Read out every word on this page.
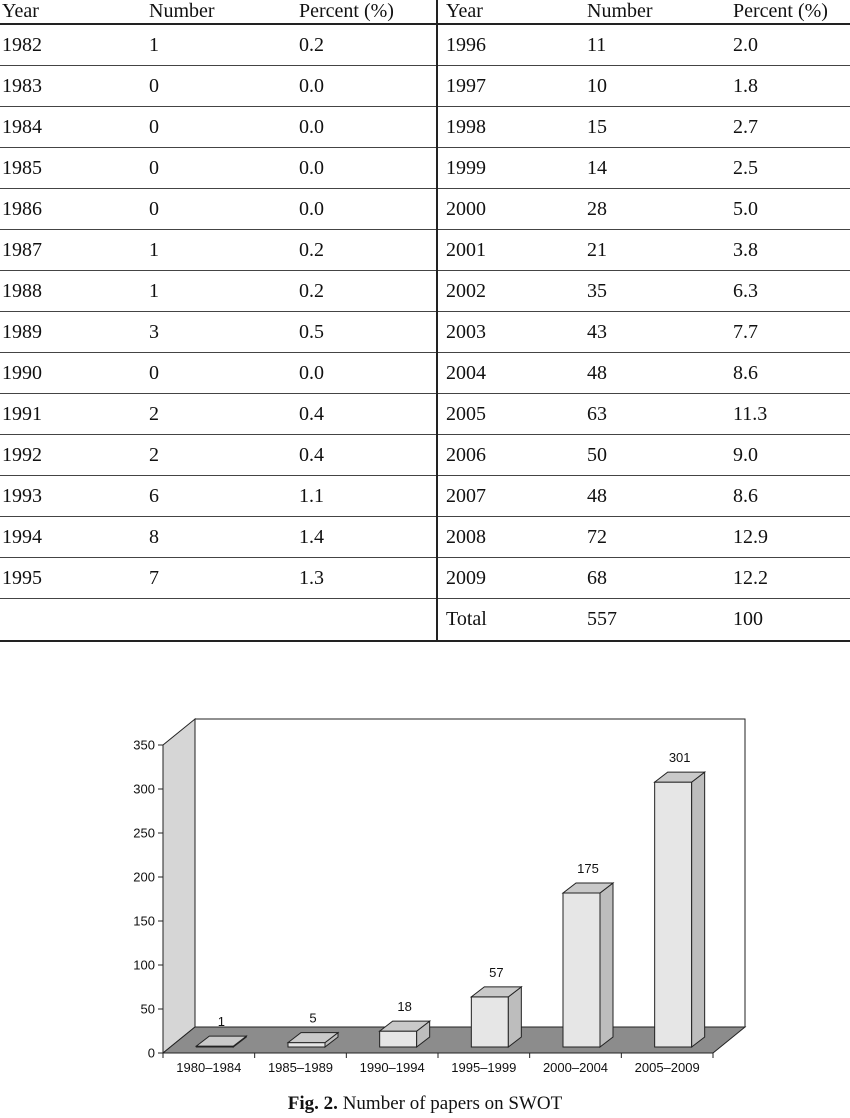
Year	Number	Percent (%)	Year	Number	Percent (%)
1982	1	0.2	1996	11	2.0
1983	0	0.0	1997	10	1.8
1984	0	0.0	1998	15	2.7
1985	0	0.0	1999	14	2.5
1986	0	0.0	2000	28	5.0
1987	1	0.2	2001	21	3.8
1988	1	0.2	2002	35	6.3
1989	3	0.5	2003	43	7.7
1990	0	0.0	2004	48	8.6
1991	2	0.4	2005	63	11.3
1992	2	0.4	2006	50	9.0
1993	6	1.1	2007	48	8.6
1994	8	1.4	2008	72	12.9
1995	7	1.3	2009	68	12.2
			Total	557	100
0
50
100
150
200
250
300
350
1
1980–1984
5
1985–1989
18
1990–1994
57
1995–1999
175
2000–2004
301
2005–2009
Fig. 2. Number of papers on SWOT
